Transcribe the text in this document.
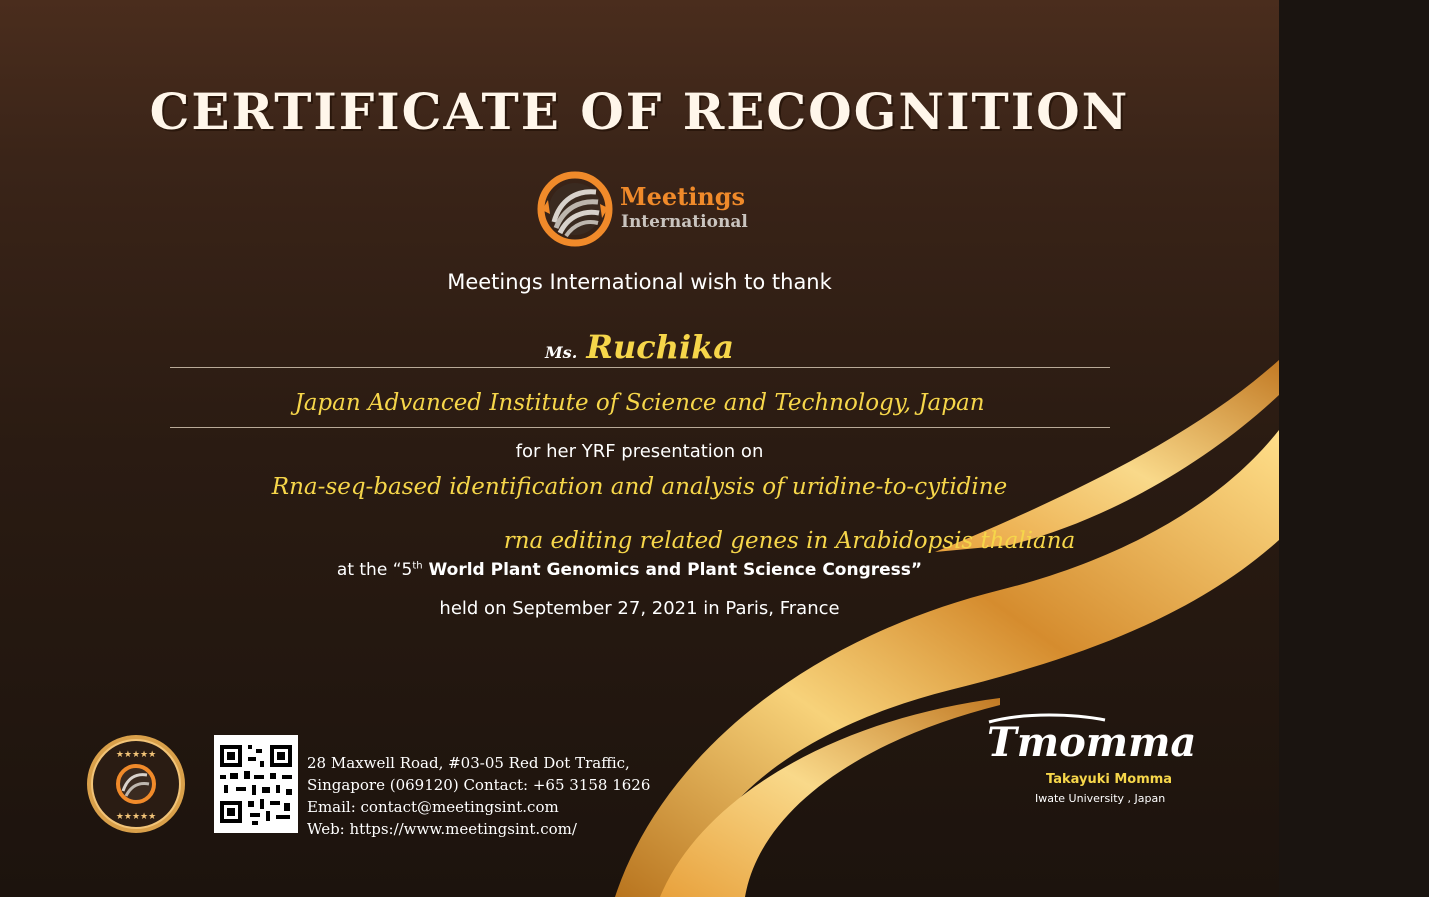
CERTIFICATE OF RECOGNITION
Meetings
International
Meetings International wish to thank
Ms. Ruchika
Japan Advanced Institute of Science and Technology, Japan
for her YRF presentation on
Rna-seq-based identification and analysis of uridine-to-cytidine
rna editing related genes in Arabidopsis thaliana
at the “5th World Plant Genomics and Plant Science Congress”
held on September 27, 2021 in Paris, France
★★★★★
★★★★★
28 Maxwell Road, #03-05 Red Dot Traffic,
Singapore (069120) Contact: +65 3158 1626
Email: contact@meetingsint.com
Web: https://www.meetingsint.com/
Tmomma
Takayuki Momma
Iwate University , Japan
